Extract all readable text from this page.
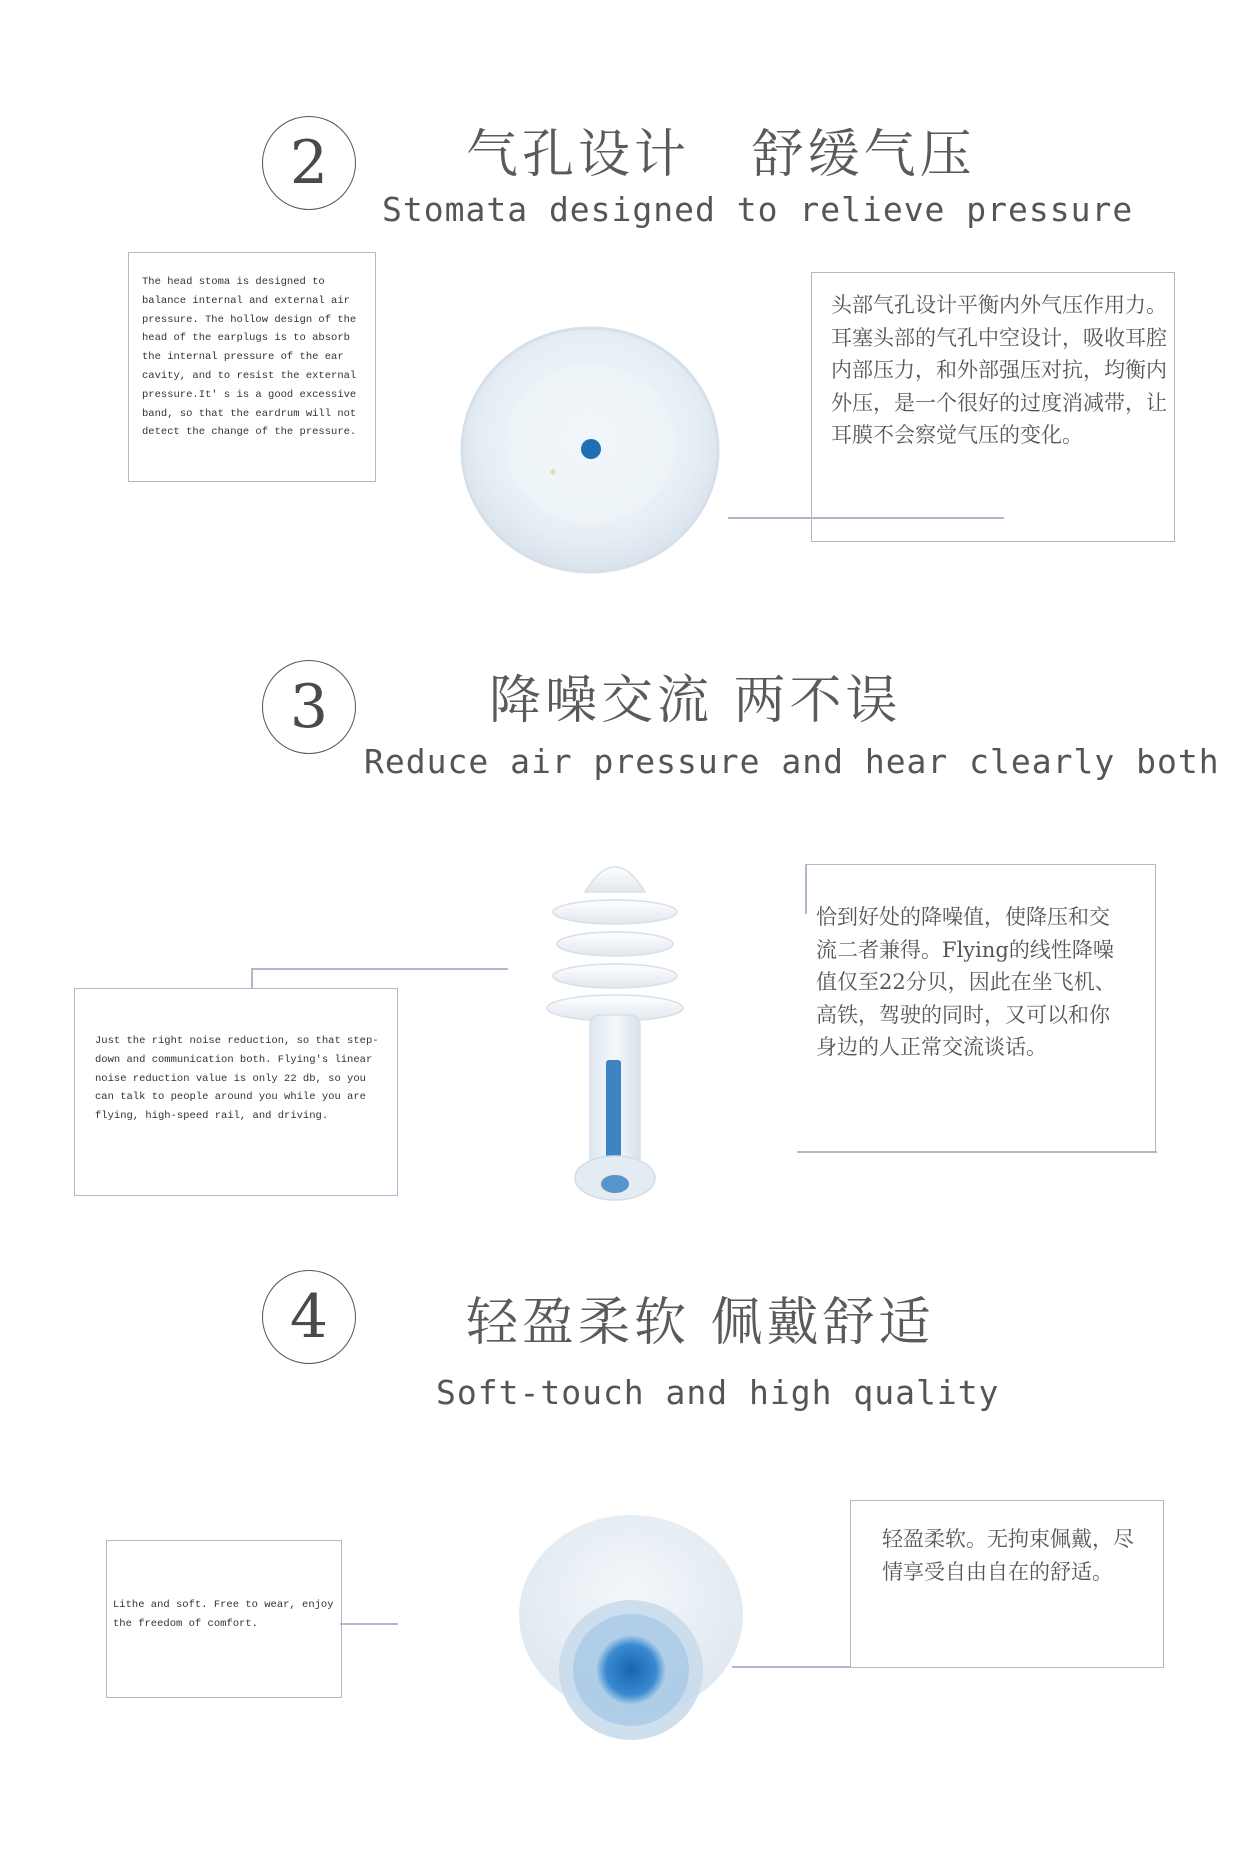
2	气孔设计   舒缓气压
Stomata designed to relieve pressure
The head stoma is designed to balance internal and external air pressure. The hollow design of the head of the earplugs is to absorb the internal pressure of the ear cavity, and to resist the external pressure.It' s is a good excessive band, so that the eardrum will not detect the change of the pressure.
头部气孔设计平衡内外气压作用力。 耳塞头部的气孔中空设计，吸收耳腔内部压力，和外部强压对抗，均衡内外压，是一个很好的过度消减带，让耳膜不会察觉气压的变化。
3	降噪交流 两不误
Reduce air pressure and hear clearly both
Just the right noise reduction, so that step-down and communication both. Flying's linear noise reduction value is only 22 db, so you can talk to people around you while you are flying, high-speed rail, and driving.
恰到好处的降噪值，使降压和交流二者兼得。Flying的线性降噪值仅至22分贝，因此在坐飞机、高铁，驾驶的同时，又可以和你身边的人正常交流谈话。
4	轻盈柔软 佩戴舒适
Soft-touch and high quality
Lithe and soft. Free to wear, enjoy the freedom of comfort.
轻盈柔软。无拘束佩戴，尽情享受自由自在的舒适。
